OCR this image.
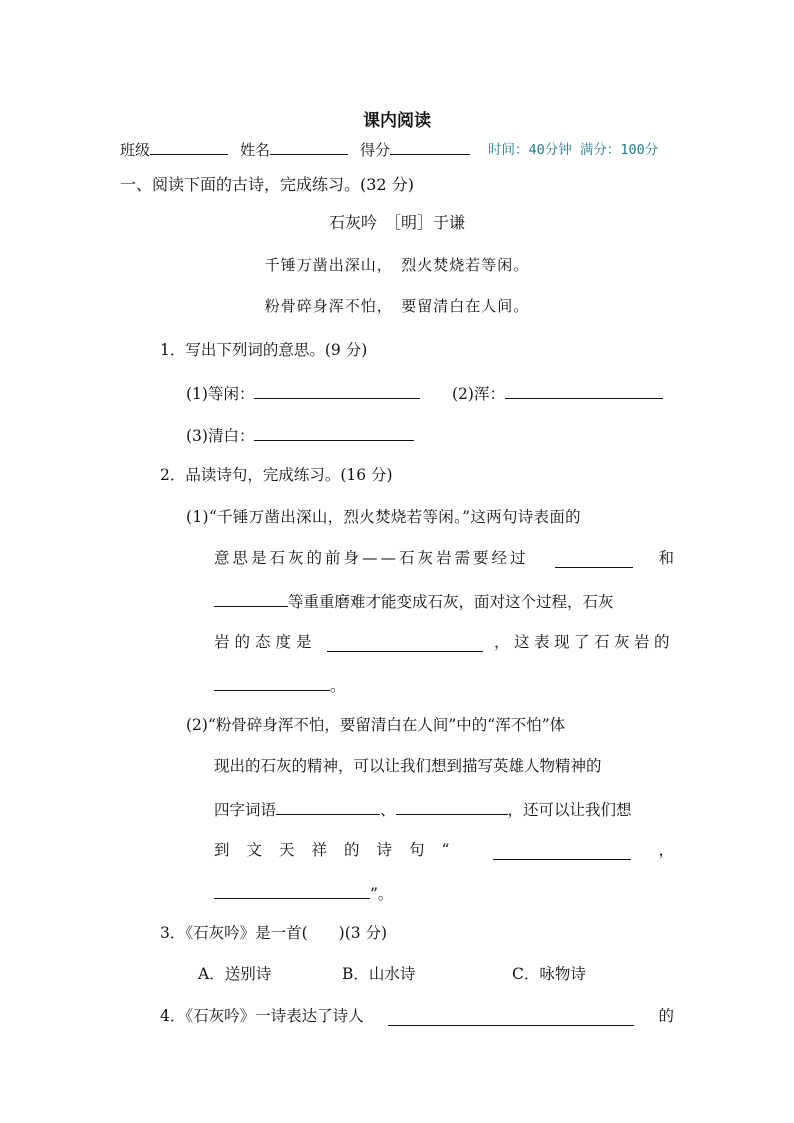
课内阅读
班级	姓名	得分	时间：40分钟 满分：100分
一、阅读下面的古诗，完成练习。(32 分)
石灰吟　［明］于谦
千锤万凿出深山，　烈火焚烧若等闲。
粉骨碎身浑不怕，　要留清白在人间。
1．写出下列词的意思。(9 分)
(1)等闲：	(2)浑：
(3)清白：
2．品读诗句，完成练习。(16 分)
(1)“千锤万凿出深山，烈火焚烧若等闲。”这两句诗表面的
意思是石灰的前身——石灰岩需要经过	和
等重重磨难才能变成石灰，面对这个过程，石灰
岩的态度是	，这表现了石灰岩的
。
(2)“粉骨碎身浑不怕，要留清白在人间”中的“浑不怕”体
现出的石灰的精神，可以让我们想到描写英雄人物精神的
四字词语	、	，还可以让我们想
到文天祥的诗句“	，
”。
3．《石灰吟》是一首(　　)(3 分)
A．送别诗	B．山水诗	C．咏物诗
4．《石灰吟》一诗表达了诗人	的
